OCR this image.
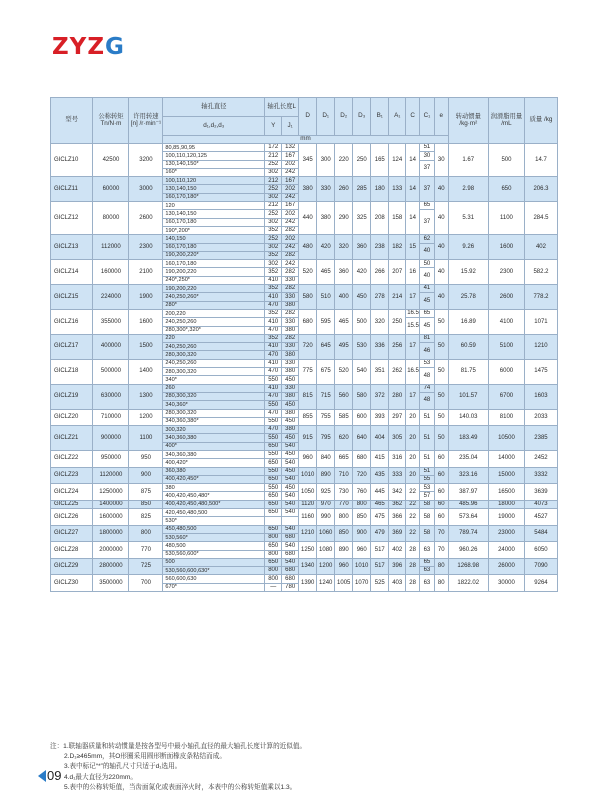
ZYZG
型号	公称转矩 Tn/N·m	许用转速[n] /r·min⁻¹	轴孔直径	轴孔长度L		D	D₁	D₂	D₃	B₁	A₁	C	C₁	e	转动惯量 /kg·m²	润滑脂用量 /mL	质量 /kg
			d₁,d₂,d₃	Y	J₁												
			mm														
GICLZ10	42500	3200	80,85,90,95	172	132	345	300	220	250	165	124	14	51	30	1.67	500	14.7
			100,110,120,125	212	167								30				
			130,140,150*	252	202								37				
			160*	302	242												
GICLZ11	60000	3000	100,110,120	212	167	380	330	260	285	180	133	14	37	40	2.98	650	206.3
			130,140,150	252	202												
			160,170,180*	302	242												
GICLZ12	80000	2600	120	212	167	440	380	290	325	208	158	14	65	40	5.31	1100	284.5
			130,140,150	252	202								37				
			160,170,180	302	242												
			190*,200*	352	282												
GICLZ13	112000	2300	140,150	252	202	480	420	320	360	238	182	15	62	40	9.26	1600	402
			160,170,180	302	242								40				
			190,200,220*	352	282												
GICLZ14	160000	2100	160,170,180	302	242	520	465	360	420	266	207	16	50	40	15.92	2300	582.2
			190,200,220	352	282								40				
			240*,250*	410	330												
GICLZ15	224000	1900	190,200,220	352	282	580	510	400	450	278	214	17	41	40	25.78	2600	778.2
			240,250,260*	410	330								45				
			280*	470	380												
GICLZ16	355000	1600	200,220	352	282	680	595	465	500	320	250	16.5	65	50	16.89	4100	1071
			240,250,260	410	330							15.5	45				
			280,300*,320*	470	380												
GICLZ17	400000	1500	220	352	282	720	645	495	530	336	256	17	81	50	60.59	5100	1210
			240,250,260	410	330								46				
			280,300,320	470	380												
GICLZ18	500000	1400	240,250,260	410	330	775	675	520	540	351	262	16.5	53	50	81.75	6000	1475
			280,300,320	470	380								48				
			340*	550	450												
GICLZ19	630000	1300	260	410	330	815	715	560	580	372	280	17	74	50	101.57	6700	1603
			280,300,320	470	380								48				
			340,360*	550	450												
GICLZ20	710000	1200	280,300,320	470	380	855	755	585	600	393	297	20	51	50	140.03	8100	2033
			340,360,380*	550	450												
GICLZ21	900000	1100	300,320	470	380	915	795	620	640	404	305	20	51	50	183.49	10500	2385
			340,360,380	550	450												
			400*	650	540												
GICLZ22	950000	950	340,360,380	550	450	960	840	665	680	415	316	20	51	60	235.04	14000	2452
			400,420*	650	540												
GICLZ23	1120000	900	360,380	550	450	1010	890	710	720	435	333	20	51	60	323.16	15000	3332
			400,420,450*	650	540								55				
GICLZ24	1250000	875	380	550	450	1050	925	730	760	445	342	22	53	60	387.97	16500	3639
			400,420,450,480*	650	540								57				
GICLZ25	1400000	850	400,420,450,480,500*	650	540	1120	970	770	800	465	362	22	58	60	485.96	18000	4073
GICLZ26	1600000	825	420,450,480,500	650	540	1160	990	800	850	475	366	22	58	60	573.64	19000	4527
			530*														
GICLZ27	1800000	800	450,480,500	650	540	1210	1060	850	900	479	369	22	58	70	789.74	23000	5484
			530,560*	800	680												
GICLZ28	2000000	770	480,500	650	540	1250	1080	890	960	517	402	28	63	70	960.26	24000	6050
			530,560,600*	800	680												
GICLZ29	2800000	725	500	650	540	1340	1200	960	1010	517	396	28	65	80	1268.98	26000	7090
			530,560,600,630*	800	680								63				
GICLZ30	3500000	700	560,600,630	800	680	1390	1240	1005	1070	525	403	28	63	80	1822.02	30000	9264
			670*	—	780												
注：1.联轴器质量和转动惯量是按各型号中最小轴孔直径的最大轴孔长度计算的近似值。
2.D₁≥465mm，其O形圈采用圆形断面橡皮条粘结而成。
3.表中标记“*”的轴孔尺寸只适于d₁选用。
4.d₁最大直径为220mm。
5.表中的公称转矩值，当齿面氮化或表面淬火时，本表中的公称转矩值乘以1.3。
09
